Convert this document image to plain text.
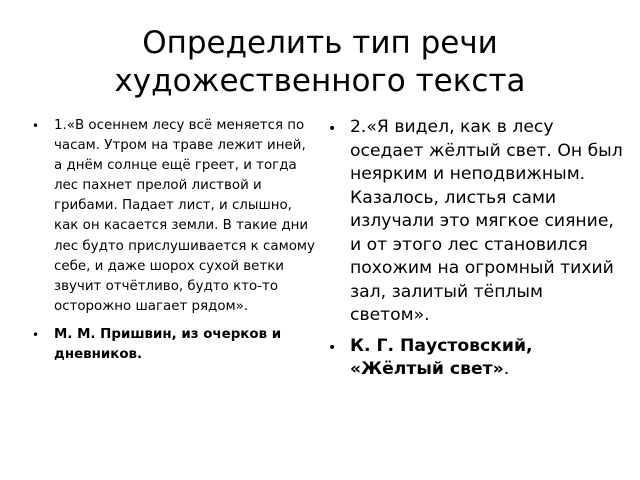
Определить тип речи
художественного текста
• 1.«В осеннем лесу всё меняется по часам. Утром на траве лежит иней, а днём солнце ещё греет, и тогда лес пахнет прелой листвой и грибами. Падает лист, и слышно, как он касается земли. В такие дни лес будто прислушивается к самому себе, и даже шорох сухой ветки звучит отчётливо, будто кто-то осторожно шагает рядом».
• М. М. Пришвин, из очерков и дневников.
• 2.«Я видел, как в лесу оседает жёлтый свет. Он был неярким и неподвижным. Казалось, листья сами излучали это мягкое сияние, и от этого лес становился похожим на огромный тихий зал, залитый тёплым светом».
• К. Г. Паустовский, «Жёлтый свет».
